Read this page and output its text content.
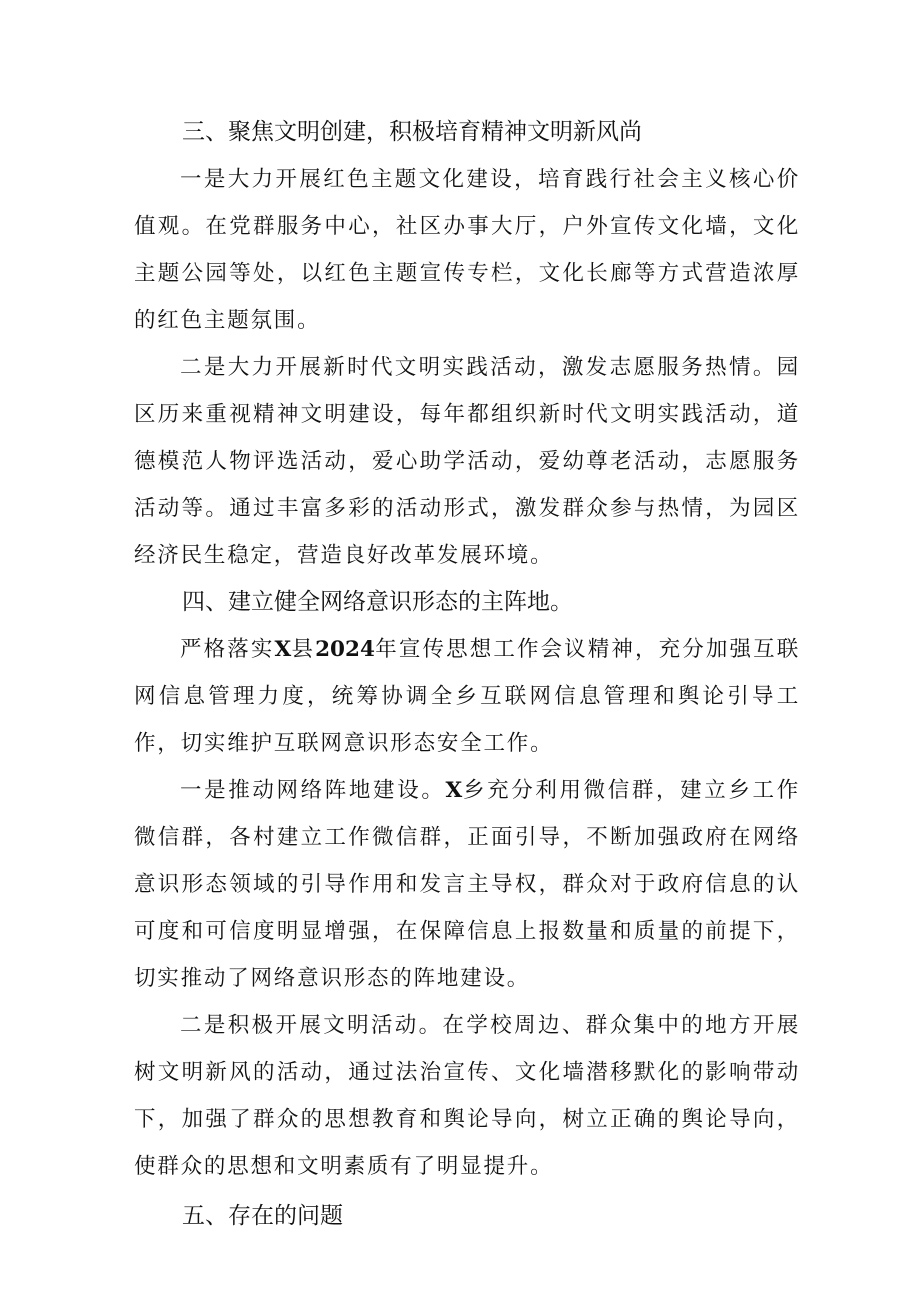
三、聚焦文明创建，积极培育精神文明新风尚

一是大力开展红色主题文化建设，培育践行社会主义核心价值观。在党群服务中心，社区办事大厅，户外宣传文化墙，文化主题公园等处，以红色主题宣传专栏，文化长廊等方式营造浓厚的红色主题氛围。

二是大力开展新时代文明实践活动，激发志愿服务热情。园区历来重视精神文明建设，每年都组织新时代文明实践活动，道德模范人物评选活动，爱心助学活动，爱幼尊老活动，志愿服务活动等。通过丰富多彩的活动形式，激发群众参与热情，为园区经济民生稳定，营造良好改革发展环境。

四、建立健全网络意识形态的主阵地。

严格落实X县2024年宣传思想工作会议精神，充分加强互联网信息管理力度，统筹协调全乡互联网信息管理和舆论引导工作，切实维护互联网意识形态安全工作。

一是推动网络阵地建设。X乡充分利用微信群，建立乡工作微信群，各村建立工作微信群，正面引导，不断加强政府在网络意识形态领域的引导作用和发言主导权，群众对于政府信息的认可度和可信度明显增强，在保障信息上报数量和质量的前提下，切实推动了网络意识形态的阵地建设。

二是积极开展文明活动。在学校周边、群众集中的地方开展树文明新风的活动，通过法治宣传、文化墙潜移默化的影响带动下，加强了群众的思想教育和舆论导向，树立正确的舆论导向，使群众的思想和文明素质有了明显提升。

五、存在的问题
